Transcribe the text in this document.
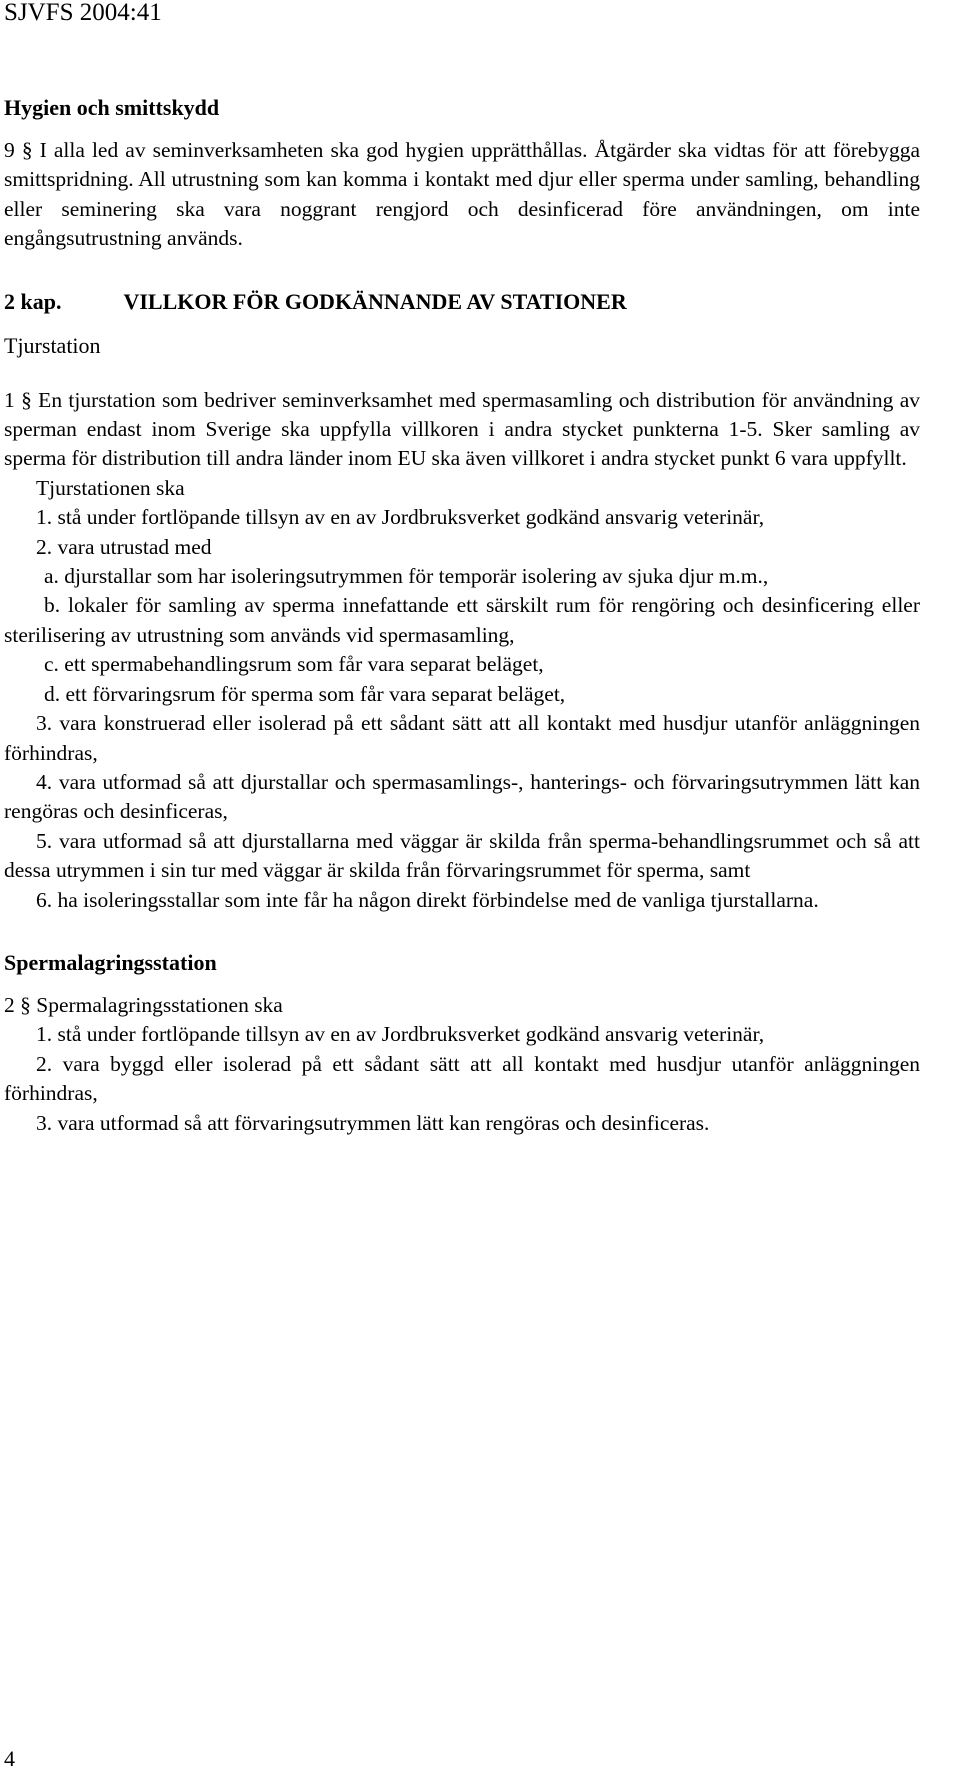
SJVFS 2004:41

Hygien och smittskydd

9 § I alla led av seminverksamheten ska god hygien upprätthållas. Åtgärder ska vidtas för att förebygga smittspridning. All utrustning som kan komma i kontakt med djur eller sperma under samling, behandling eller seminering ska vara noggrant rengjord och desinficerad före användningen, om inte engångsutrustning används.

2 kap.	VILLKOR FÖR GODKÄNNANDE AV STATIONER

Tjurstation

1 § En tjurstation som bedriver seminverksamhet med spermasamling och distribution för användning av sperman endast inom Sverige ska uppfylla villkoren i andra stycket punkterna 1-5. Sker samling av sperma för distribution till andra länder inom EU ska även villkoret i andra stycket punkt 6 vara uppfyllt.

Tjurstationen ska

1. stå under fortlöpande tillsyn av en av Jordbruksverket godkänd ansvarig veterinär,

2. vara utrustad med

a. djurstallar som har isoleringsutrymmen för temporär isolering av sjuka djur m.m.,

b. lokaler för samling av sperma innefattande ett särskilt rum för rengöring och desinficering eller sterilisering av utrustning som används vid spermasamling,

c. ett spermabehandlingsrum som får vara separat beläget,

d. ett förvaringsrum för sperma som får vara separat beläget,

3. vara konstruerad eller isolerad på ett sådant sätt att all kontakt med husdjur utanför anläggningen förhindras,

4. vara utformad så att djurstallar och spermasamlings-, hanterings- och förvaringsutrymmen lätt kan rengöras och desinficeras,

5. vara utformad så att djurstallarna med väggar är skilda från sperma-behandlingsrummet och så att dessa utrymmen i sin tur med väggar är skilda från förvaringsrummet för sperma, samt

6. ha isoleringsstallar som inte får ha någon direkt förbindelse med de vanliga tjurstallarna.

Spermalagringsstation

2 § Spermalagringsstationen ska

1. stå under fortlöpande tillsyn av en av Jordbruksverket godkänd ansvarig veterinär,

2. vara byggd eller isolerad på ett sådant sätt att all kontakt med husdjur utanför anläggningen förhindras,

3. vara utformad så att förvaringsutrymmen lätt kan rengöras och desinficeras.

4
